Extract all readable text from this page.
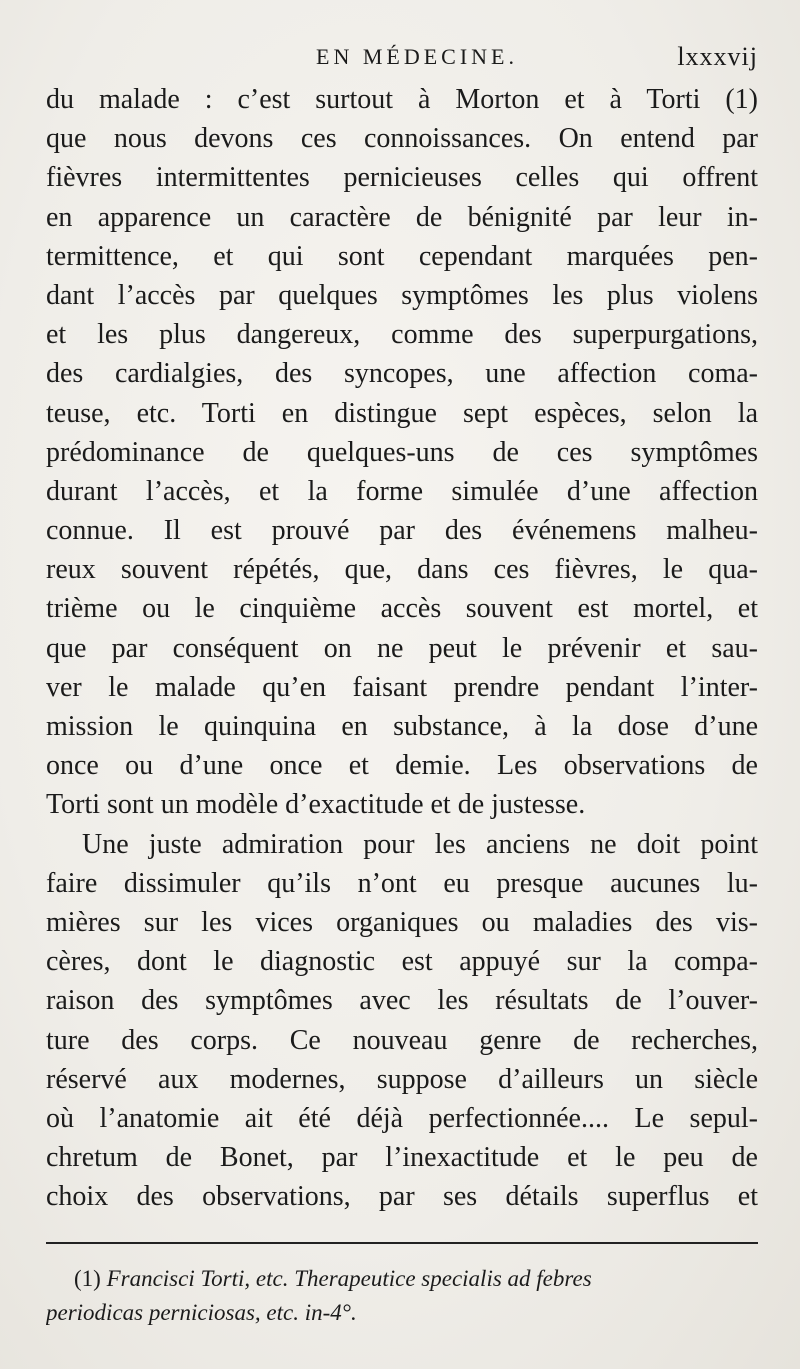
EN MÉDECINE.	lxxxvij
du malade : c’est surtout à Morton et à Torti (1)
que nous devons ces connoissances. On entend par
fièvres intermittentes pernicieuses celles qui offrent
en apparence un caractère de bénignité par leur in-
termittence, et qui sont cependant marquées pen-
dant l’accès par quelques symptômes les plus violens
et les plus dangereux, comme des superpurgations,
des cardialgies, des syncopes, une affection coma-
teuse, etc. Torti en distingue sept espèces, selon la
prédominance de quelques-uns de ces symptômes
durant l’accès, et la forme simulée d’une affection
connue. Il est prouvé par des événemens malheu-
reux souvent répétés, que, dans ces fièvres, le qua-
trième ou le cinquième accès souvent est mortel, et
que par conséquent on ne peut le prévenir et sau-
ver le malade qu’en faisant prendre pendant l’inter-
mission le quinquina en substance, à la dose d’une
once ou d’une once et demie. Les observations de
Torti sont un modèle d’exactitude et de justesse.
Une juste admiration pour les anciens ne doit point
faire dissimuler qu’ils n’ont eu presque aucunes lu-
mières sur les vices organiques ou maladies des vis-
cères, dont le diagnostic est appuyé sur la compa-
raison des symptômes avec les résultats de l’ouver-
ture des corps. Ce nouveau genre de recherches,
réservé aux modernes, suppose d’ailleurs un siècle
où l’anatomie ait été déjà perfectionnée.... Le sepul-
chretum de Bonet, par l’inexactitude et le peu de
choix des observations, par ses détails superflus et
(1) Francisci Torti, etc. Therapeutice specialis ad febres
periodicas perniciosas, etc. in-4°.
